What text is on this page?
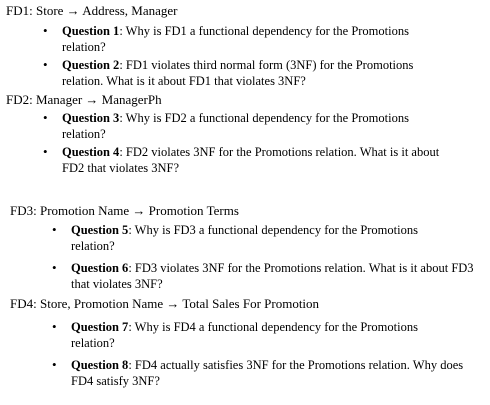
FD1: Store → Address, Manager
• Question 1: Why is FD1 a functional dependency for the Promotions relation?
• Question 2: FD1 violates third normal form (3NF) for the Promotions relation. What is it about FD1 that violates 3NF?
FD2: Manager → ManagerPh
• Question 3: Why is FD2 a functional dependency for the Promotions relation?
• Question 4: FD2 violates 3NF for the Promotions relation. What is it about FD2 that violates 3NF?
FD3: Promotion Name → Promotion Terms
• Question 5: Why is FD3 a functional dependency for the Promotions relation?
• Question 6: FD3 violates 3NF for the Promotions relation. What is it about FD3 that violates 3NF?
FD4: Store, Promotion Name → Total Sales For Promotion
• Question 7: Why is FD4 a functional dependency for the Promotions relation?
• Question 8: FD4 actually satisfies 3NF for the Promotions relation. Why does FD4 satisfy 3NF?
